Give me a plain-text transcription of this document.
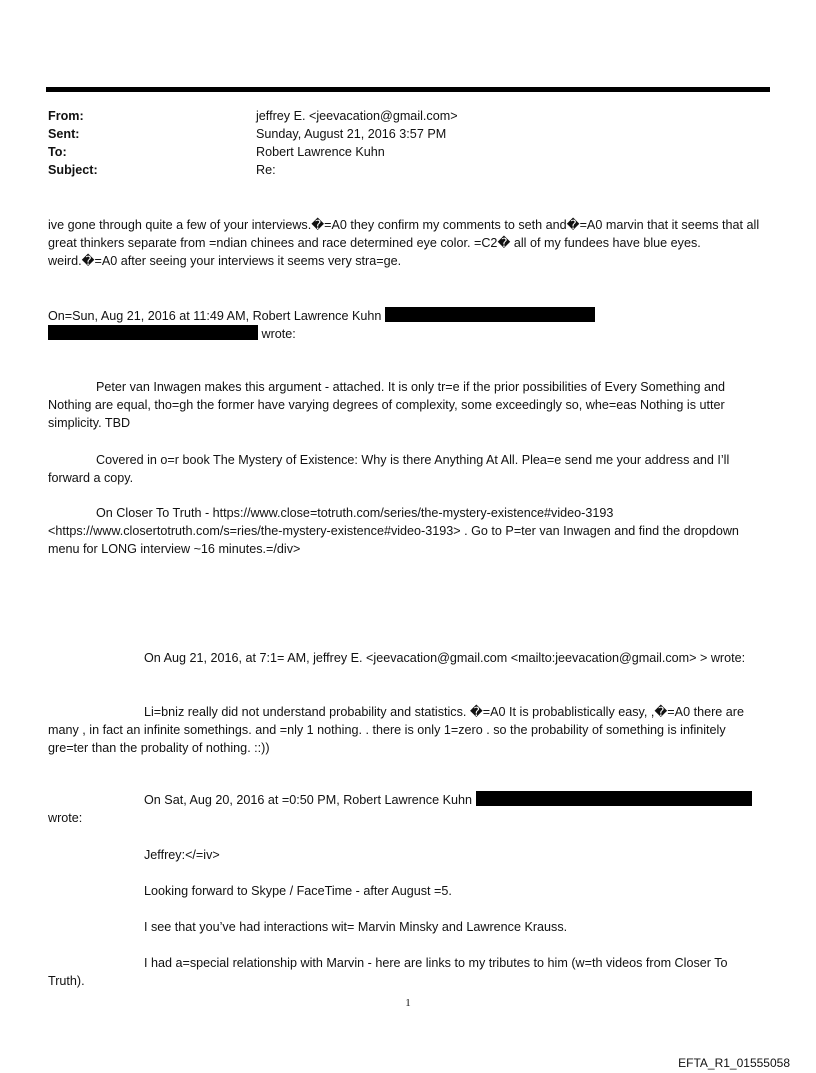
From:	jeffrey E. <jeevacation@gmail.com>
Sent:	Sunday, August 21, 2016 3:57 PM
To:	Robert Lawrence Kuhn
Subject:	Re:

ive gone through quite a few of your interviews.�=A0 they confirm my comments to seth and�=A0 marvin that it seems that all great thinkers separate from =ndian chinees and race determined eye color. =C2� all of my fundees have blue eyes. weird.�=A0 after seeing your interviews it seems very stra=ge.

On=Sun, Aug 21, 2016 at 11:49 AM, Robert Lawrence Kuhn

wrote:

Peter van Inwagen makes this argument - attached. It is only tr=e if the prior possibilities of Every Something and Nothing are equal, tho=gh the former have varying degrees of complexity, some exceedingly so, whe=eas Nothing is utter simplicity. TBD

Covered in o=r book The Mystery of Existence: Why is there Anything At All. Plea=e send me your address and I’ll forward a copy.

On Closer To Truth - https://www.close=totruth.com/series/the-mystery-existence#video-3193 <https://www.closertotruth.com/s=ries/the-mystery-existence#video-3193> . Go to P=ter van Inwagen and find the dropdown menu for LONG interview ~16 minutes.=/div>

On Aug 21, 2016, at 7:1= AM, jeffrey E. <jeevacation@gmail.com <mailto:jeevacation@gmail.com> > wrote:

Li=bniz really did not understand probability and statistics. �=A0 It is probablistically easy, ,�=A0 there are many , in fact an infinite somethings. and =nly 1 nothing. . there is only 1=zero . so the probability of something is infinitely gre=ter than the probality of nothing. ::))

On Sat, Aug 20, 2016 at =0:50 PM, Robert Lawrence Kuhn

wrote:

Jeffrey:</=iv>

Looking forward to Skype / FaceTime - after August =5.

I see that you’ve had interactions wit= Marvin Minsky and Lawrence Krauss.

I had a=special relationship with Marvin - here are links to my tributes to him (w=th videos from Closer To Truth).

1
EFTA_R1_01555058
